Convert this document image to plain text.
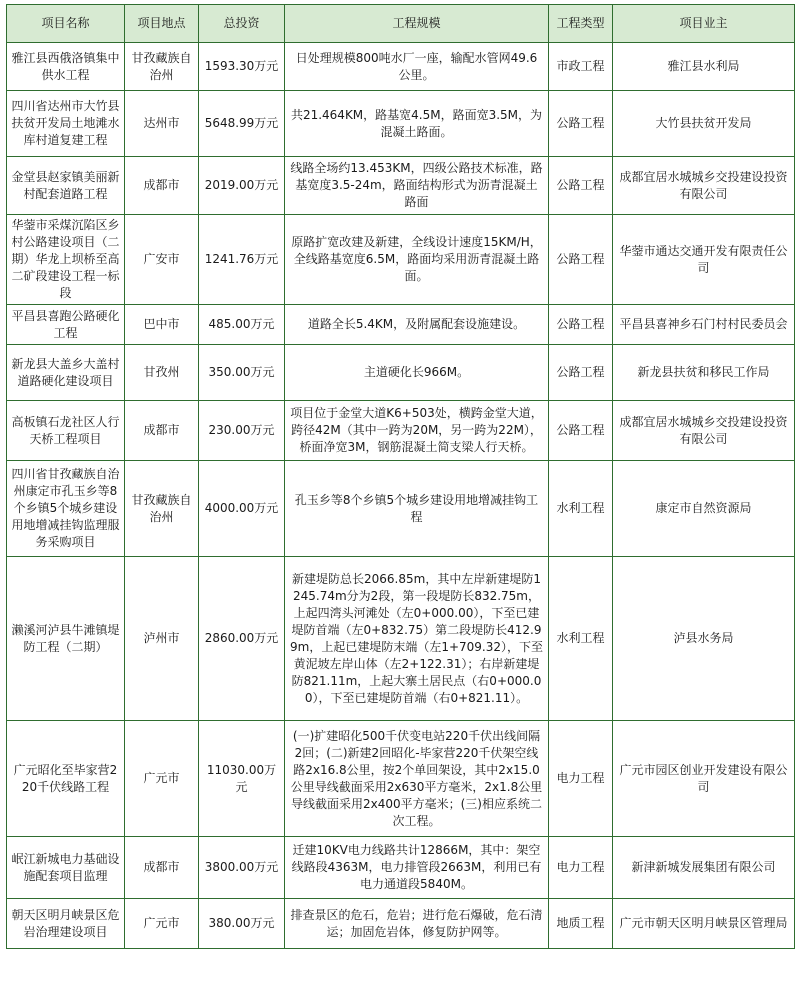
项目名称	项目地点	总投资	工程规模	工程类型	项目业主
雅江县西俄洛镇集中供水工程	甘孜藏族自治州	1593.30万元	日处理规模800吨水厂一座，输配水管网49.6公里。	市政工程	雅江县水利局
四川省达州市大竹县扶贫开发局土地滩水库村道复建工程	达州市	5648.99万元	共21.464KM，路基宽4.5M，路面宽3.5M，为混凝土路面。	公路工程	大竹县扶贫开发局
金堂县赵家镇美丽新村配套道路工程	成都市	2019.00万元	线路全场约13.453KM，四级公路技术标准，路基宽度3.5-24m，路面结构形式为沥青混凝土路面	公路工程	成都宜居水城城乡交投建设投资有限公司
华蓥市采煤沉陷区乡村公路建设项目（二期）华龙上坝桥至高二矿段建设工程一标段	广安市	1241.76万元	原路扩宽改建及新建，全线设计速度15KM/H，全线路基宽度6.5M，路面均采用沥青混凝土路面。	公路工程	华蓥市通达交通开发有限责任公司
平昌县喜跑公路硬化工程	巴中市	485.00万元	道路全长5.4KM，及附属配套设施建设。	公路工程	平昌县喜神乡石门村村民委员会
新龙县大盖乡大盖村道路硬化建设项目	甘孜州	350.00万元	主道硬化长966M。	公路工程	新龙县扶贫和移民工作局
高板镇石龙社区人行天桥工程项目	成都市	230.00万元	项目位于金堂大道K6+503处，横跨金堂大道，跨径42M（其中一跨为20M，另一跨为22M），桥面净宽3M，钢筋混凝土简支梁人行天桥。	公路工程	成都宜居水城城乡交投建设投资有限公司
四川省甘孜藏族自治州康定市孔玉乡等8个乡镇5个城乡建设用地增减挂钩监理服务采购项目	甘孜藏族自治州	4000.00万元	孔玉乡等8个乡镇5个城乡建设用地增减挂钩工程	水利工程	康定市自然资源局
濑溪河泸县牛滩镇堤防工程（二期）	泸州市	2860.00万元	新建堤防总长2066.85m，其中左岸新建堤防1245.74m分为2段，第一段堤防长832.75m，上起四湾头河滩处（左0+000.00），下至已建堤防首端（左0+832.75）第二段堤防长412.99m，上起已建堤防末端（左1+709.32），下至黄泥坡左岸山体（左2+122.31）；右岸新建堤防821.11m，上起大寨土居民点（右0+000.00），下至已建堤防首端（右0+821.11）。	水利工程	泸县水务局
广元昭化至毕家营220千伏线路工程	广元市	11030.00万元	(一)扩建昭化500千伏变电站220千伏出线间隔2回；(二)新建2回昭化-毕家营220千伏架空线路2x16.8公里，按2个单回架设，其中2x15.0公里导线截面采用2x630平方毫米，2x1.8公里导线截面采用2x400平方毫米；(三)相应系统二次工程。	电力工程	广元市园区创业开发建设有限公司
岷江新城电力基础设施配套项目监理	成都市	3800.00万元	迁建10KV电力线路共计12866M，其中：架空线路段4363M，电力排管段2663M，利用已有电力通道段5840M。	电力工程	新津新城发展集团有限公司
朝天区明月峡景区危岩治理建设项目	广元市	380.00万元	排查景区的危石，危岩；进行危石爆破，危石清运；加固危岩体，修复防护网等。	地质工程	广元市朝天区明月峡景区管理局
